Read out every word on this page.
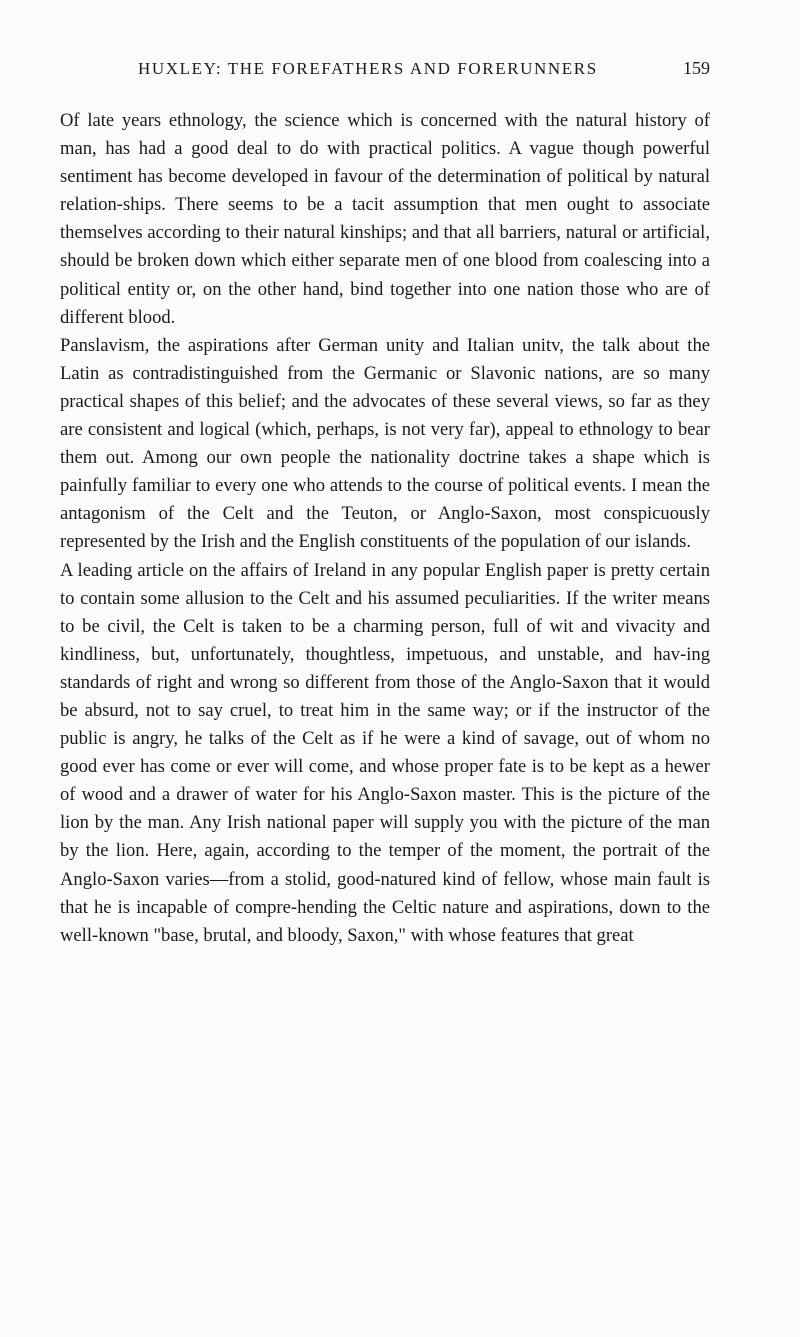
HUXLEY: THE FOREFATHERS AND FORERUNNERS	159

Of late years ethnology, the science which is concerned with the natural history of man, has had a good deal to do with practical politics. A vague though powerful sentiment has become developed in favour of the determination of political by natural relation-ships. There seems to be a tacit assumption that men ought to associate themselves according to their natural kinships; and that all barriers, natural or artificial, should be broken down which either separate men of one blood from coalescing into a political entity or, on the other hand, bind together into one nation those who are of different blood.

Panslavism, the aspirations after German unity and Italian unitv, the talk about the Latin as contradistinguished from the Germanic or Slavonic nations, are so many practical shapes of this belief; and the advocates of these several views, so far as they are consistent and logical (which, perhaps, is not very far), appeal to ethnology to bear them out. Among our own people the nationality doctrine takes a shape which is painfully familiar to every one who attends to the course of political events. I mean the antagonism of the Celt and the Teuton, or Anglo-Saxon, most conspicuously represented by the Irish and the English constituents of the population of our islands.

A leading article on the affairs of Ireland in any popular English paper is pretty certain to contain some allusion to the Celt and his assumed peculiarities. If the writer means to be civil, the Celt is taken to be a charming person, full of wit and vivacity and kindliness, but, unfortunately, thoughtless, impetuous, and unstable, and hav-ing standards of right and wrong so different from those of the Anglo-Saxon that it would be absurd, not to say cruel, to treat him in the same way; or if the instructor of the public is angry, he talks of the Celt as if he were a kind of savage, out of whom no good ever has come or ever will come, and whose proper fate is to be kept as a hewer of wood and a drawer of water for his Anglo-Saxon master. This is the picture of the lion by the man. Any Irish national paper will supply you with the picture of the man by the lion. Here, again, according to the temper of the moment, the portrait of the Anglo-Saxon varies—from a stolid, good-natured kind of fellow, whose main fault is that he is incapable of compre-hending the Celtic nature and aspirations, down to the well-known "base, brutal, and bloody, Saxon," with whose features that great
